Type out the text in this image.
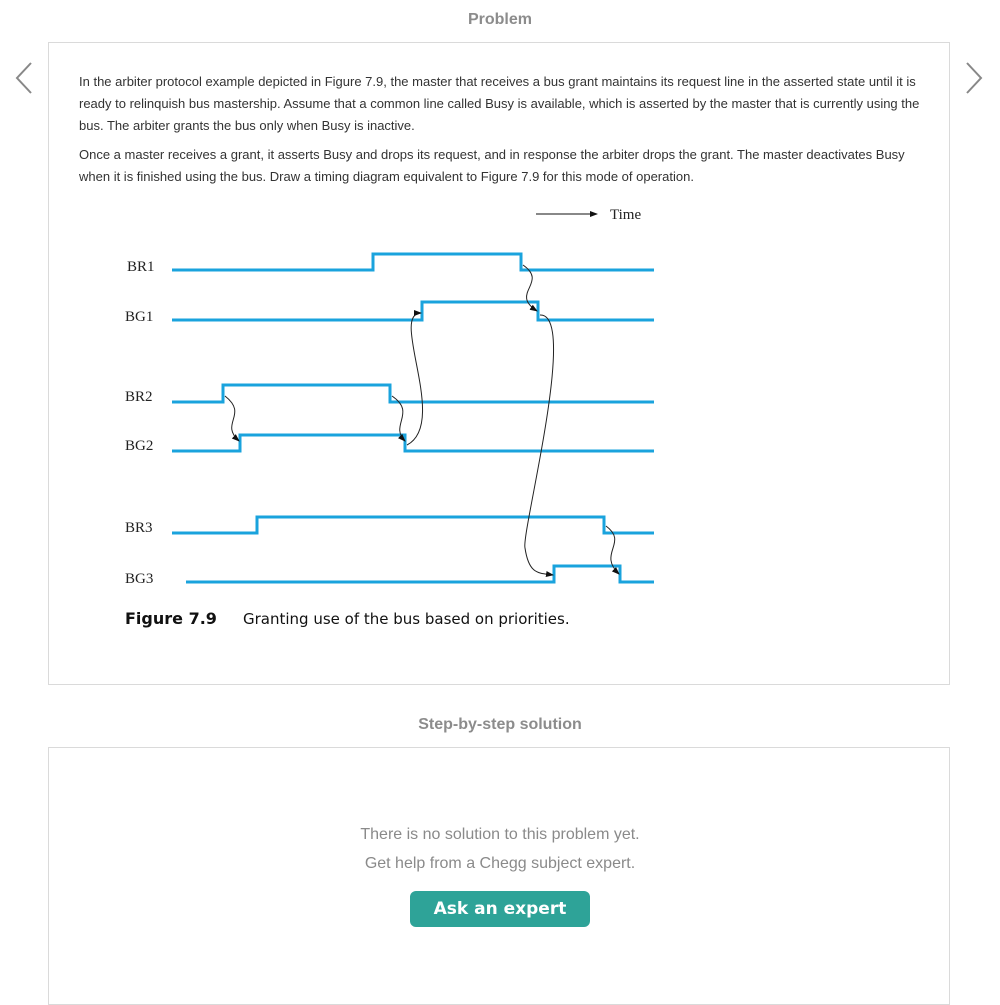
Problem
In the arbiter protocol example depicted in Figure 7.9, the master that receives a bus grant maintains its request line in the asserted state until it is ready to relinquish bus mastership. Assume that a common line called Busy is available, which is asserted by the master that is currently using the bus. The arbiter grants the bus only when Busy is inactive.
Once a master receives a grant, it asserts Busy and drops its request, and in response the arbiter drops the grant. The master deactivates Busy when it is finished using the bus. Draw a timing diagram equivalent to Figure 7.9 for this mode of operation.
Time
BR1
BG1
BR2
BG2
BR3
BG3
Figure 7.9 Granting use of the bus based on priorities.
Step-by-step solution
There is no solution to this problem yet.
Get help from a Chegg subject expert.
Ask an expert
